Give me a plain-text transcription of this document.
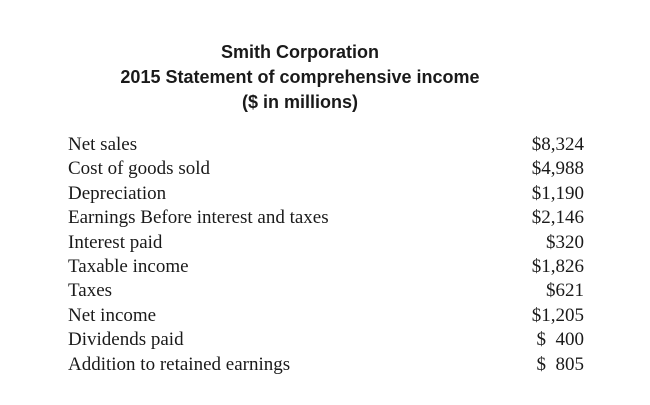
Smith Corporation
2015 Statement of comprehensive income
($ in millions)
Net sales	$8,324
Cost of goods sold	$4,988
Depreciation	$1,190
Earnings Before interest and taxes	$2,146
Interest paid	$320
Taxable income	$1,826
Taxes	$621
Net income	$1,205
Dividends paid	$  400
Addition to retained earnings	$  805
